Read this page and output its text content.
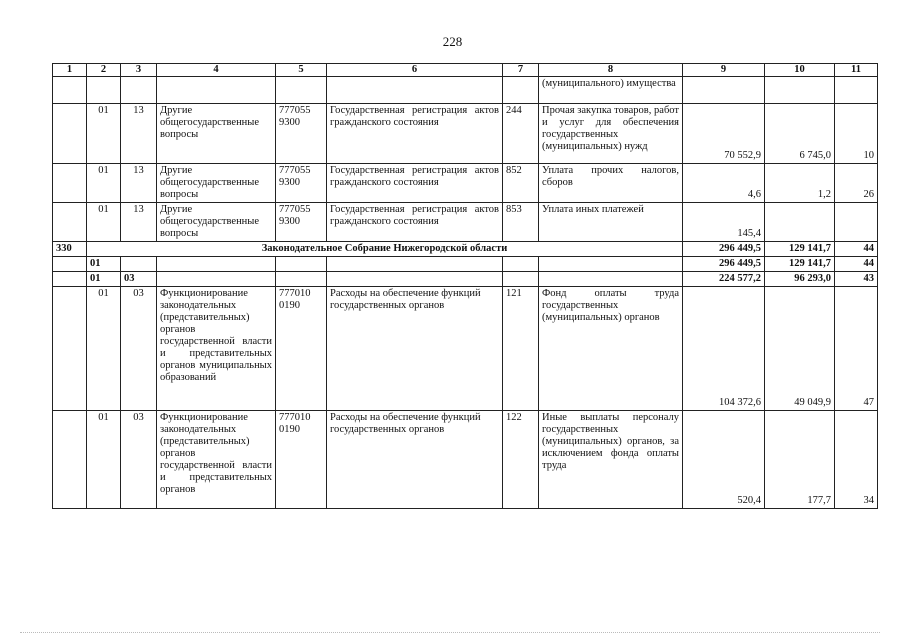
228
1	2	3	4	5	6	7	8	9	10	11
							(муниципального) имущества			
	01	13	Другие общегосударственные вопросы	777055 9300	Государственная регистрация актов гражданского состояния	244	Прочая закупка товаров, работ и услуг для обеспечения государственных (муниципальных) нужд	70 552,9	6 745,0	10
	01	13	Другие общегосударственные вопросы	777055 9300	Государственная регистрация актов гражданского состояния	852	Уплата прочих налогов, сборов	4,6	1,2	26
	01	13	Другие общегосударственные вопросы	777055 9300	Государственная регистрация актов гражданского состояния	853	Уплата иных платежей	145,4		
330	Законодательное Собрание Нижегородской области							296 449,5	129 141,7	44
	01							296 449,5	129 141,7	44
	01	03						224 577,2	96 293,0	43
	01	03	Функционирование законодательных (представительных) органов государственной власти и представительных органов муниципальных образований	777010 0190	Расходы на обеспечение функций государственных органов	121	Фонд оплаты труда государственных (муниципальных) органов	104 372,6	49 049,9	47
	01	03	Функционирование законодательных (представительных) органов государственной власти и представительных органов	777010 0190	Расходы на обеспечение функций государственных органов	122	Иные выплаты персоналу государственных (муниципальных) органов, за исключением фонда оплаты труда	520,4	177,7	34
